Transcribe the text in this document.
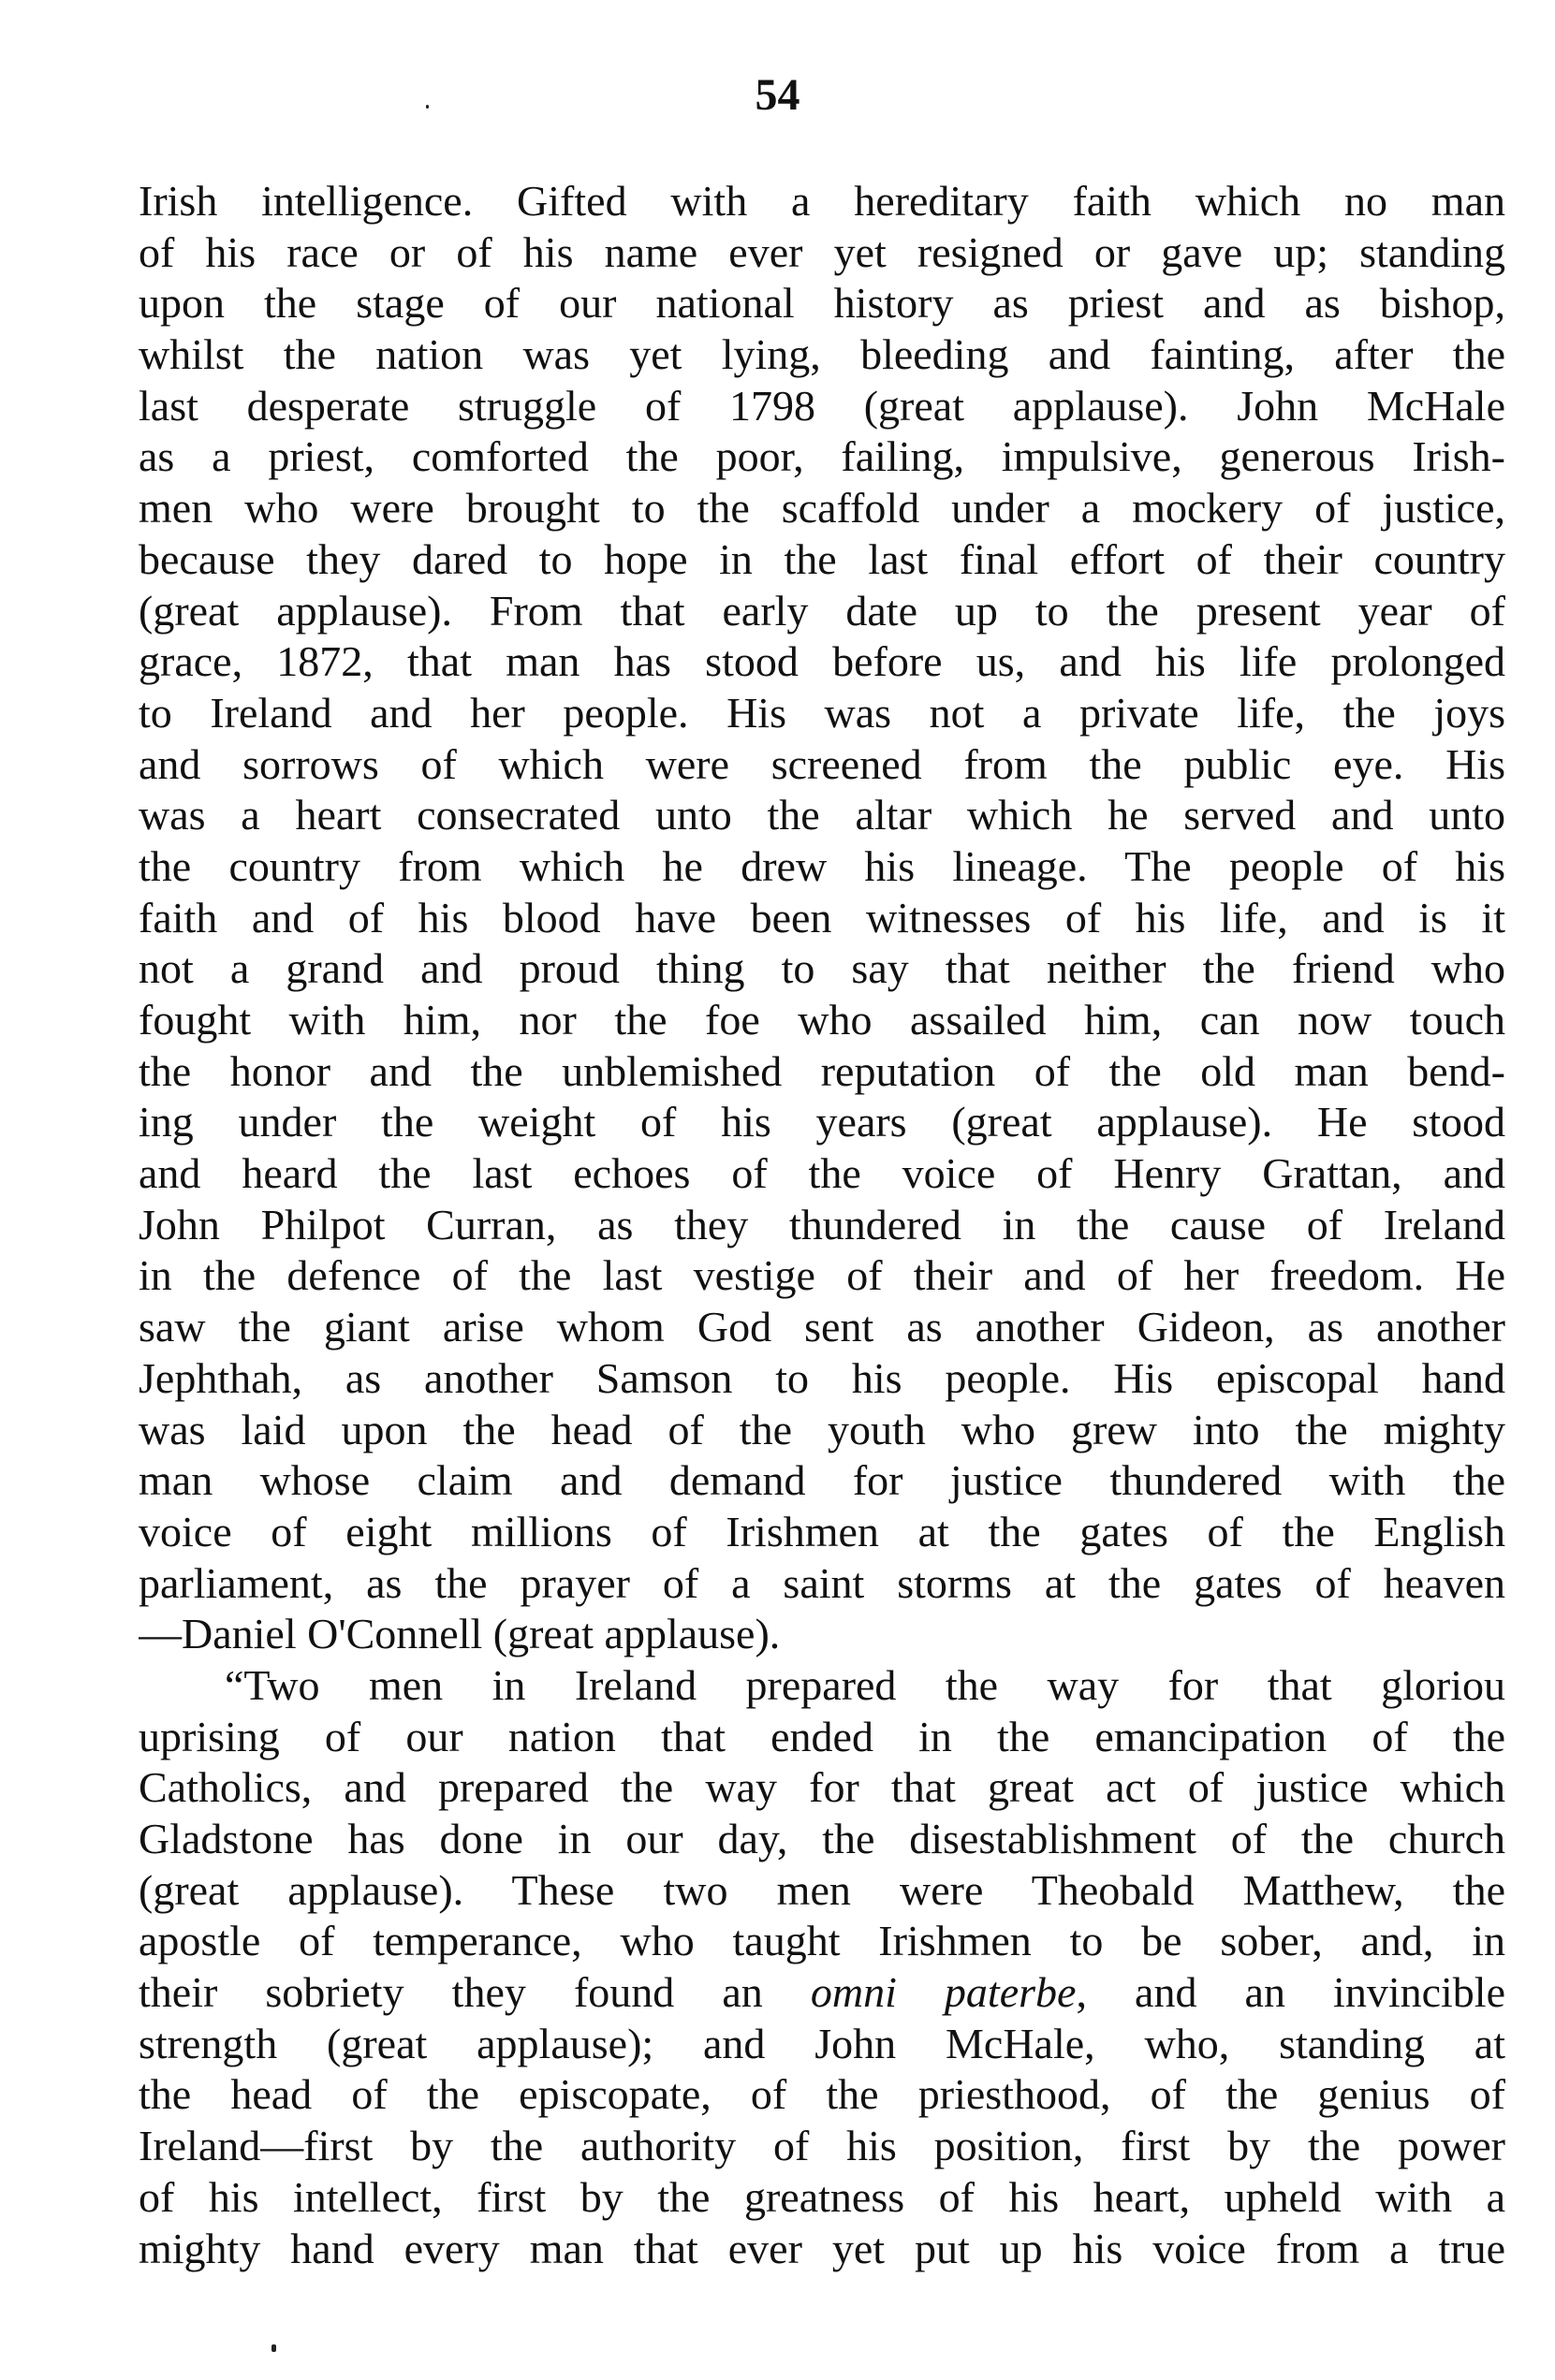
54
Irish intelligence. Gifted with a hereditary faith which no man
of his race or of his name ever yet resigned or gave up; standing
upon the stage of our national history as priest and as bishop,
whilst the nation was yet lying, bleeding and fainting, after the
last desperate struggle of 1798 (great applause). John McHale
as a priest, comforted the poor, failing, impulsive, generous Irish-
men who were brought to the scaffold under a mockery of justice,
because they dared to hope in the last final effort of their country
(great applause). From that early date up to the present year of
grace, 1872, that man has stood before us, and his life prolonged
to Ireland and her people. His was not a private life, the joys
and sorrows of which were screened from the public eye. His
was a heart consecrated unto the altar which he served and unto
the country from which he drew his lineage. The people of his
faith and of his blood have been witnesses of his life, and is it
not a grand and proud thing to say that neither the friend who
fought with him, nor the foe who assailed him, can now touch
the honor and the unblemished reputation of the old man bend-
ing under the weight of his years (great applause). He stood
and heard the last echoes of the voice of Henry Grattan, and
John Philpot Curran, as they thundered in the cause of Ireland
in the defence of the last vestige of their and of her freedom. He
saw the giant arise whom God sent as another Gideon, as another
Jephthah, as another Samson to his people. His episcopal hand
was laid upon the head of the youth who grew into the mighty
man whose claim and demand for justice thundered with the
voice of eight millions of Irishmen at the gates of the English
parliament, as the prayer of a saint storms at the gates of heaven
—Daniel O'Connell (great applause).
“Two men in Ireland prepared the way for that gloriou
uprising of our nation that ended in the emancipation of the
Catholics, and prepared the way for that great act of justice which
Gladstone has done in our day, the disestablishment of the church
(great applause). These two men were Theobald Matthew, the
apostle of temperance, who taught Irishmen to be sober, and, in
their sobriety they found an omni paterbe, and an invincible
strength (great applause); and John McHale, who, standing at
the head of the episcopate, of the priesthood, of the genius of
Ireland—first by the authority of his position, first by the power
of his intellect, first by the greatness of his heart, upheld with a
mighty hand every man that ever yet put up his voice from a true
